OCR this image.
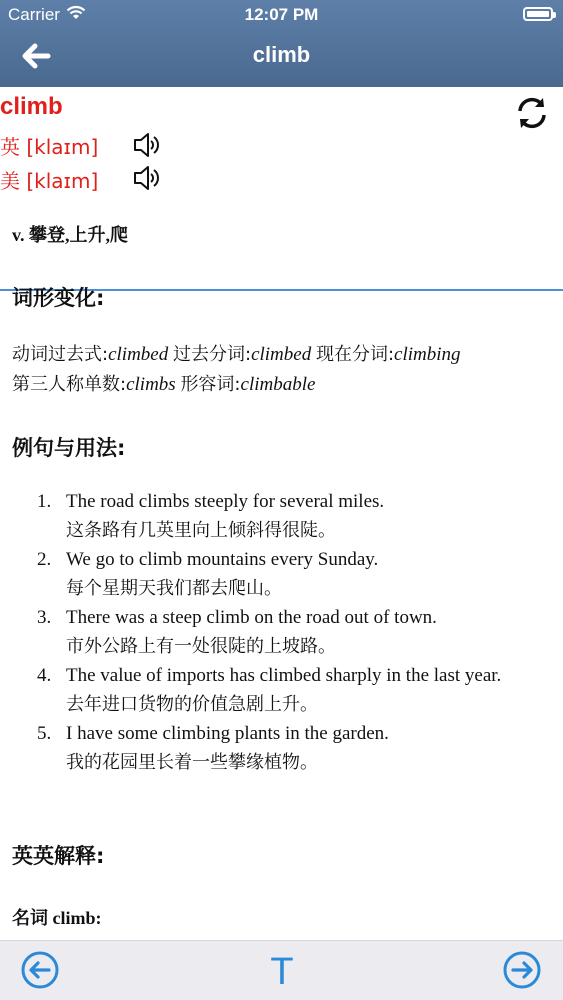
Carrier	12:07 PM
climb
climb
英 [klaɪm]
美 [klaɪm]
v. 攀登,上升,爬
词形变化:
动词过去式:climbed 过去分词:climbed 现在分词:climbing
第三人称单数:climbs 形容词:climbable
例句与用法:
1. The road climbs steeply for several miles.
这条路有几英里向上倾斜得很陡。
2. We go to climb mountains every Sunday.
每个星期天我们都去爬山。
3. There was a steep climb on the road out of town.
市外公路上有一处很陡的上坡路。
4. The value of imports has climbed sharply in the last year.
去年进口货物的价值急剧上升。
5. I have some climbing plants in the garden.
我的花园里长着一些攀缘植物。
英英解释:
名词 climb:
T
